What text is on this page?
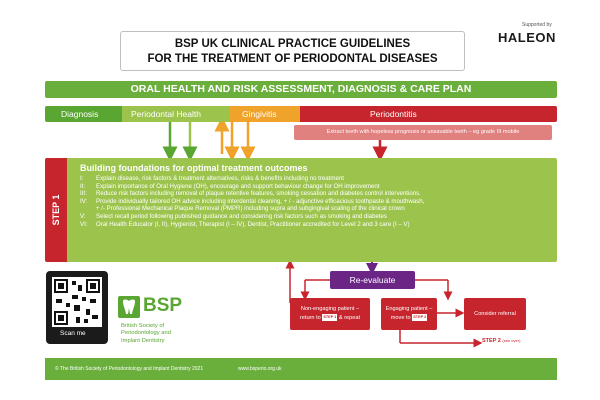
Supported by
HALEON
BSP UK CLINICAL PRACTICE GUIDELINES
FOR THE TREATMENT OF PERIODONTAL DISEASES
ORAL HEALTH AND RISK ASSESSMENT, DIAGNOSIS & CARE PLAN
Diagnosis	Periodontal Health	Gingivitis	Periodontitis
Extract teeth with hopeless prognosis or unsavable teeth – eg grade III mobile
STEP 1
Building foundations for optimal treatment outcomes
I:	Explain disease, risk factors & treatment alternatives, risks & benefits including no treatment
II:	Explain importance of Oral Hygiene (OH), encourage and support behaviour change for OH improvement
III:	Reduce risk factors including removal of plaque retentive features, smoking cessation and diabetes control interventions.
IV:	Provide individually tailored OH advice including interdental cleaning, + / - adjunctive efficacious toothpaste & mouthwash,
+ /- Professional Mechanical Plaque Removal (PMPR) including supra and subgingival scaling of the clinical crown
V:	Select recall period following published guidance and considering risk factors such as smoking and diabetes
VI:	Oral Health Educator (I, II), Hygienist, Therapist (I – IV), Dentist, Practitioner accredited for Level 2 and 3 care (I – V)
Scan me
BSP
British Society of
Periodontology and
Implant Dentistry
Re-evaluate
Non-engaging patient –
return to STEP 1 & repeat
Engaging patient –
move to STEP 2	Consider referral
STEP 2 (see over)
© The British Society of Periodontology and Implant Dentistry 2021	www.bsperio.org.uk
